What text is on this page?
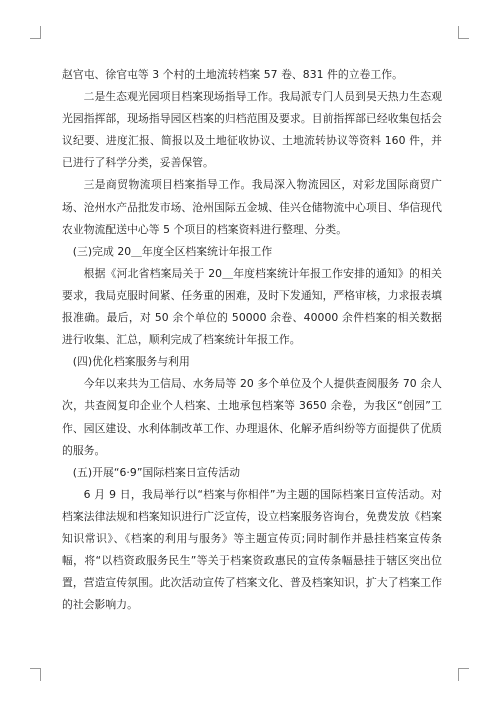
赵官屯、徐官屯等 3 个村的土地流转档案 57 卷、831 件的立卷工作。

二是生态观光园项目档案现场指导工作。我局派专门人员到昊天热力生态观光园指挥部，现场指导园区档案的归档范围及要求。目前指挥部已经收集包括会议纪要、进度汇报、简报以及土地征收协议、土地流转协议等资料 160 件，并已进行了科学分类，妥善保管。

三是商贸物流项目档案指导工作。我局深入物流园区，对彩龙国际商贸广场、沧州水产品批发市场、沧州国际五金城、佳兴仓储物流中心项目、华信现代农业物流配送中心等 5 个项目的档案资料进行整理、分类。

(三)完成 20＿年度全区档案统计年报工作

根据《河北省档案局关于 20＿年度档案统计年报工作安排的通知》的相关要求，我局克服时间紧、任务重的困难，及时下发通知，严格审核，力求报表填报准确。最后，对 50 余个单位的 50000 余卷、40000 余件档案的相关数据进行收集、汇总，顺利完成了档案统计年报工作。

(四)优化档案服务与利用

今年以来共为工信局、水务局等 20 多个单位及个人提供查阅服务 70 余人次，共查阅复印企业个人档案、土地承包档案等 3650 余卷，为我区“创园”工作、园区建设、水利体制改革工作、办理退休、化解矛盾纠纷等方面提供了优质的服务。

(五)开展“6·9”国际档案日宣传活动

6 月 9 日，我局举行以“档案与你相伴”为主题的国际档案日宣传活动。对档案法律法规和档案知识进行广泛宣传，设立档案服务咨询台，免费发放《档案知识常识》、《档案的利用与服务》等主题宣传页;同时制作并悬挂档案宣传条幅，将“以档资政服务民生”等关于档案资政惠民的宣传条幅悬挂于辖区突出位置，营造宣传氛围。此次活动宣传了档案文化、普及档案知识，扩大了档案工作的社会影响力。
